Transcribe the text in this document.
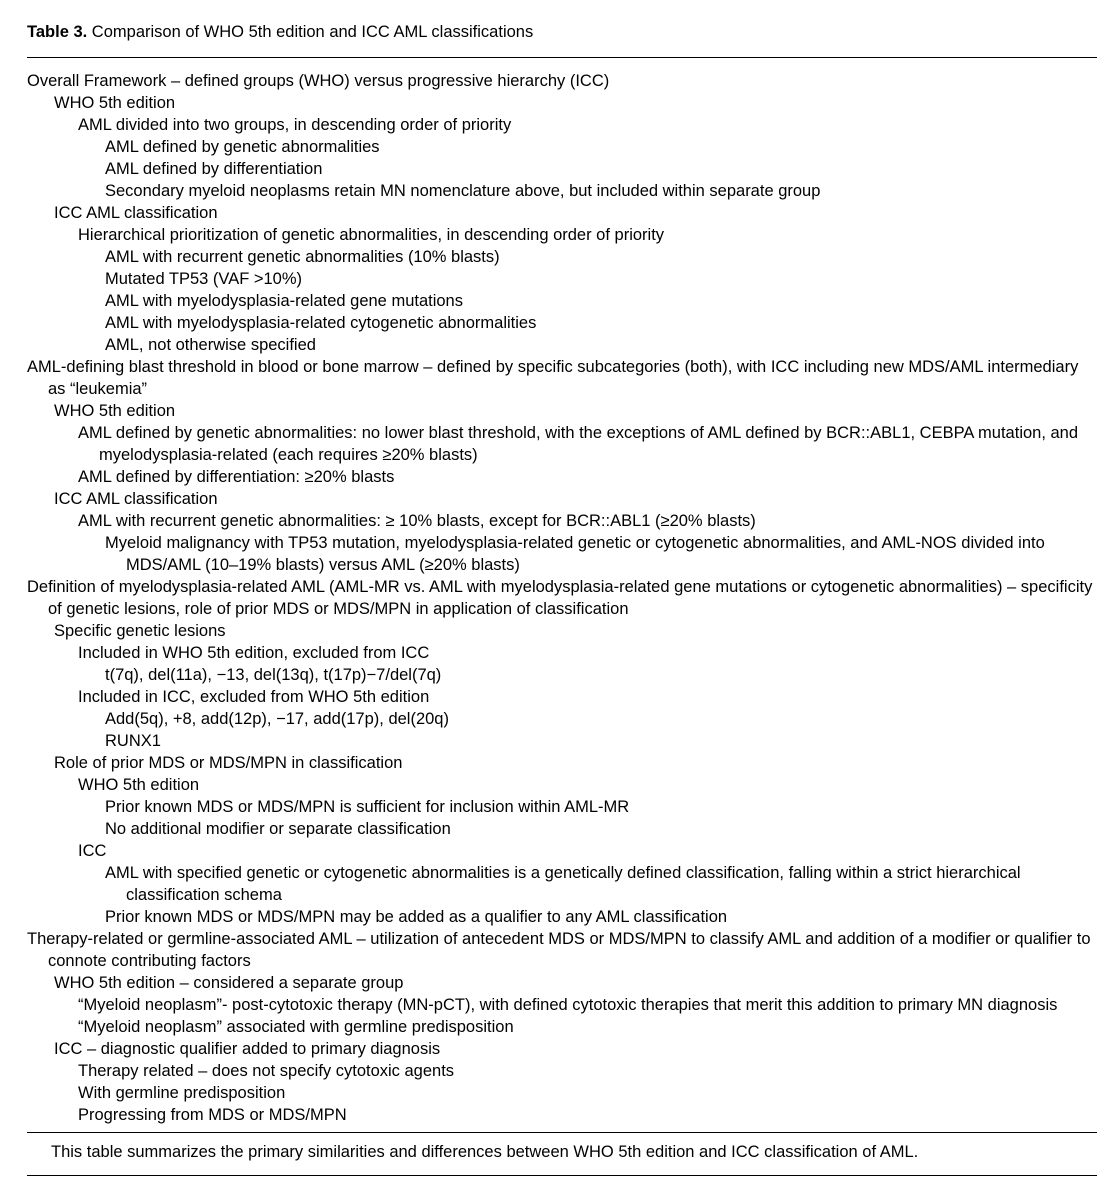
Table 3. Comparison of WHO 5th edition and ICC AML classifications
Overall Framework – defined groups (WHO) versus progressive hierarchy (ICC)
WHO 5th edition
AML divided into two groups, in descending order of priority
AML defined by genetic abnormalities
AML defined by differentiation
Secondary myeloid neoplasms retain MN nomenclature above, but included within separate group
ICC AML classification
Hierarchical prioritization of genetic abnormalities, in descending order of priority
AML with recurrent genetic abnormalities (10% blasts)
Mutated TP53 (VAF >10%)
AML with myelodysplasia-related gene mutations
AML with myelodysplasia-related cytogenetic abnormalities
AML, not otherwise specified
AML-defining blast threshold in blood or bone marrow – defined by specific subcategories (both), with ICC including new MDS/AML intermediary as “leukemia”
WHO 5th edition
AML defined by genetic abnormalities: no lower blast threshold, with the exceptions of AML defined by BCR::ABL1, CEBPA mutation, and myelodysplasia-related (each requires ≥20% blasts)
AML defined by differentiation: ≥20% blasts
ICC AML classification
AML with recurrent genetic abnormalities: ≥ 10% blasts, except for BCR::ABL1 (≥20% blasts)
Myeloid malignancy with TP53 mutation, myelodysplasia-related genetic or cytogenetic abnormalities, and AML-NOS divided into MDS/AML (10–19% blasts) versus AML (≥20% blasts)
Definition of myelodysplasia-related AML (AML-MR vs. AML with myelodysplasia-related gene mutations or cytogenetic abnormalities) – specificity of genetic lesions, role of prior MDS or MDS/MPN in application of classification
Specific genetic lesions
Included in WHO 5th edition, excluded from ICC
t(7q), del(11a), −13, del(13q), t(17p)−7/del(7q)
Included in ICC, excluded from WHO 5th edition
Add(5q), +8, add(12p), −17, add(17p), del(20q)
RUNX1
Role of prior MDS or MDS/MPN in classification
WHO 5th edition
Prior known MDS or MDS/MPN is sufficient for inclusion within AML-MR
No additional modifier or separate classification
ICC
AML with specified genetic or cytogenetic abnormalities is a genetically defined classification, falling within a strict hierarchical classification schema
Prior known MDS or MDS/MPN may be added as a qualifier to any AML classification
Therapy-related or germline-associated AML – utilization of antecedent MDS or MDS/MPN to classify AML and addition of a modifier or qualifier to connote contributing factors
WHO 5th edition – considered a separate group
“Myeloid neoplasm”- post-cytotoxic therapy (MN-pCT), with defined cytotoxic therapies that merit this addition to primary MN diagnosis
“Myeloid neoplasm” associated with germline predisposition
ICC – diagnostic qualifier added to primary diagnosis
Therapy related – does not specify cytotoxic agents
With germline predisposition
Progressing from MDS or MDS/MPN
This table summarizes the primary similarities and differences between WHO 5th edition and ICC classification of AML.
